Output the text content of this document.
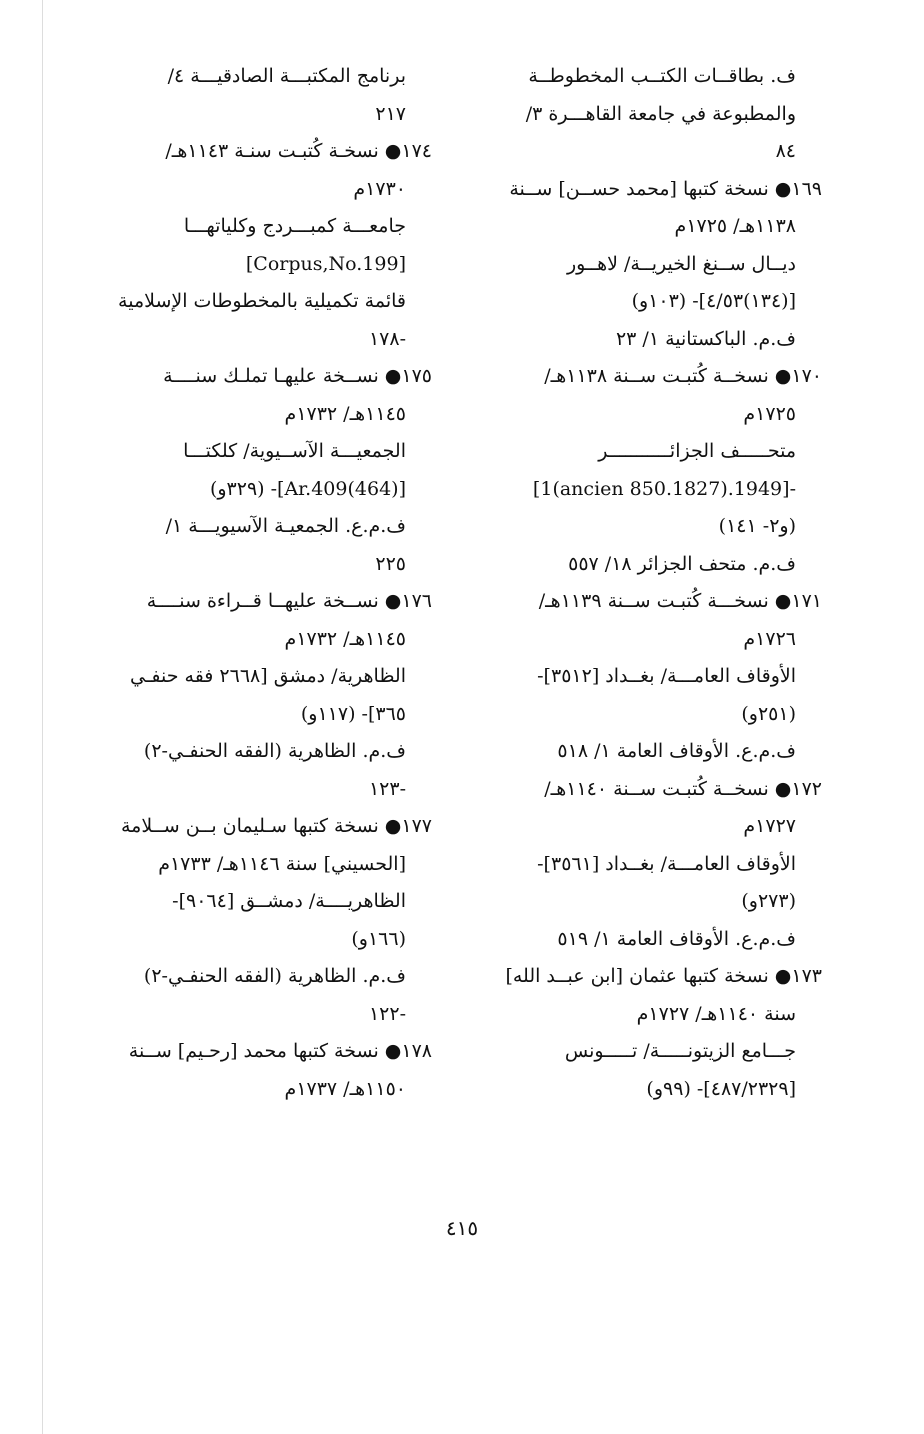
ف. بطاقــات الكتــب المخطوطــة
والمطبوعة في جامعة القاهـــرة ٣/
٨٤
١٦٩● نسخة كتبها [محمد حســن] ســنة
١١٣٨هـ/ ١٧٢٥م
ديــال ســنغ الخيريــة/ لاهــور
[(١٣٤)٤/٥٣]- (١٠٣و)
ف.م. الباكستانية ١/ ٢٣
١٧٠● نسخــة كُتبـت ســنة ١١٣٨هـ/
١٧٢٥م
متحـــــف الجزائـــــــــــر
-[1949.(1827.ancien 850)1]
(و٢- ١٤١)
ف.م. متحف الجزائر ١٨/ ٥٥٧
١٧١● نسخـــة كُتبـت ســنة ١١٣٩هـ/
١٧٢٦م
الأوقاف العامـــة/ بغــداد [٣٥١٢]-
(٢٥١و)
ف.م.ع. الأوقاف العامة ١/ ٥١٨
١٧٢● نسخــة كُتبـت ســنة ١١٤٠هـ/
١٧٢٧م
الأوقاف العامـــة/ بغــداد [٣٥٦١]-
(٢٧٣و)
ف.م.ع. الأوقاف العامة ١/ ٥١٩
١٧٣● نسخة كتبها عثمان [ابن عبــد الله]
سنة ١١٤٠هـ/ ١٧٢٧م
جـــامع الزيتونـــــة/ تـــــونس
[٤٨٧/٢٣٢٩]- (٩٩و)
برنامج المكتبـــة الصادقيـــة ٤/
٢١٧
١٧٤● نسخـة كُتبـت سنـة ١١٤٣هـ/
١٧٣٠م
جامعـــة كمبـــردج وكلياتهـــا
[Corpus,No.199]
قائمة تكميلية بالمخطوطات الإسلامية
-١٧٨
١٧٥● نســخة عليهـا تملـك سنــــة
١١٤٥هـ/ ١٧٣٢م
الجمعيـــة الآســيوية/ كلكتـــا
[(464)Ar.409]- (٣٢٩و)
ف.م.ع. الجمعيـة الآسيويـــة ١/
٢٢٥
١٧٦● نســخة عليهــا قــراءة سنــــة
١١٤٥هـ/ ١٧٣٢م
الظاهرية/ دمشق [٢٦٦٨ فقه حنفـي
٣٦٥]- (١١٧و)
ف.م. الظاهرية (الفقه الحنفـي-٢)
-١٢٣
١٧٧● نسخة كتبها سـليمان بــن ســلامة
[الحسيني] سنة ١١٤٦هـ/ ١٧٣٣م
الظاهريــــة/ دمشــق [٩٠٦٤]-
(١٦٦و)
ف.م. الظاهرية (الفقه الحنفـي-٢)
-١٢٢
١٧٨● نسخة كتبها محمد [رحـيم] ســنة
١١٥٠هـ/ ١٧٣٧م
٤١٥
